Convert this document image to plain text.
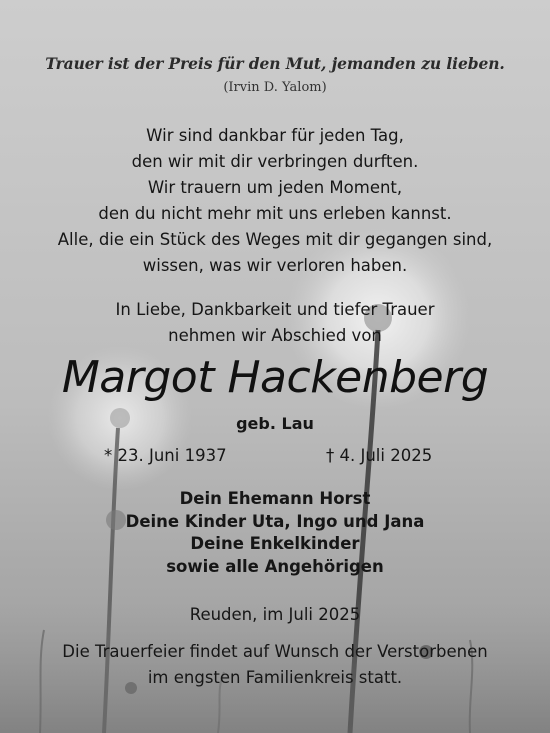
Trauer ist der Preis für den Mut, jemanden zu lieben.
(Irvin D. Yalom)
Wir sind dankbar für jeden Tag,
den wir mit dir verbringen durften.
Wir trauern um jeden Moment,
den du nicht mehr mit uns erleben kannst.
Alle, die ein Stück des Weges mit dir gegangen sind,
wissen, was wir verloren haben.
In Liebe, Dankbarkeit und tiefer Trauer
nehmen wir Abschied von
Margot Hackenberg
geb. Lau
* 23. Juni 1937	† 4. Juli 2025
Dein Ehemann Horst
Deine Kinder Uta, Ingo und Jana
Deine Enkelkinder
sowie alle Angehörigen
Reuden, im Juli 2025
Die Trauerfeier findet auf Wunsch der Verstorbenen
im engsten Familienkreis statt.
